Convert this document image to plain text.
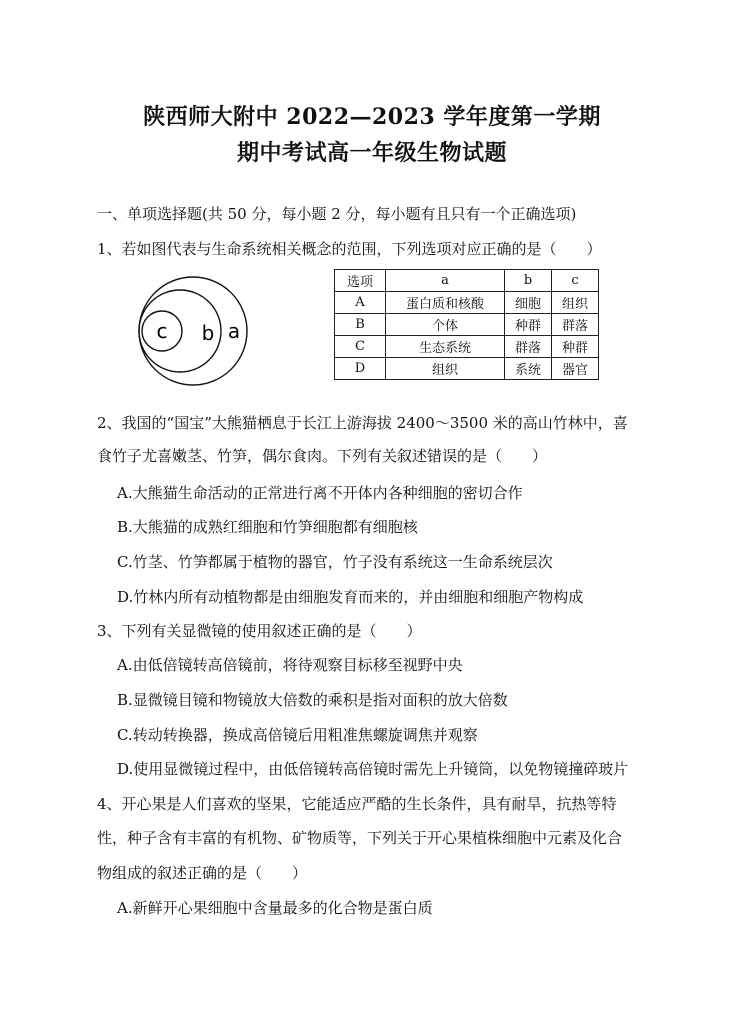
陕西师大附中 2022—2023 学年度第一学期
期中考试高一年级生物试题
一、单项选择题(共 50 分，每小题 2 分，每小题有且只有一个正确选项)
1、若如图代表与生命系统相关概念的范围，下列选项对应正确的是（　　）
c b a
选项	a	b	c
A	蛋白质和核酸	细胞	组织
B	个体	种群	群落
C	生态系统	群落	种群
D	组织	系统	器官
2、我国的“国宝”大熊猫栖息于长江上游海拔 2400～3500 米的高山竹林中，喜
食竹子尤喜嫩茎、竹笋，偶尔食肉。下列有关叙述错误的是（　　）
A.大熊猫生命活动的正常进行离不开体内各种细胞的密切合作
B.大熊猫的成熟红细胞和竹笋细胞都有细胞核
C.竹茎、竹笋都属于植物的器官，竹子没有系统这一生命系统层次
D.竹林内所有动植物都是由细胞发育而来的，并由细胞和细胞产物构成
3、下列有关显微镜的使用叙述正确的是（　　）
A.由低倍镜转高倍镜前，将待观察目标移至视野中央
B.显微镜目镜和物镜放大倍数的乘积是指对面积的放大倍数
C.转动转换器，换成高倍镜后用粗准焦螺旋调焦并观察
D.使用显微镜过程中，由低倍镜转高倍镜时需先上升镜筒，以免物镜撞碎玻片
4、开心果是人们喜欢的坚果，它能适应严酷的生长条件，具有耐旱，抗热等特
性，种子含有丰富的有机物、矿物质等，下列关于开心果植株细胞中元素及化合
物组成的叙述正确的是（　　）
A.新鲜开心果细胞中含量最多的化合物是蛋白质
